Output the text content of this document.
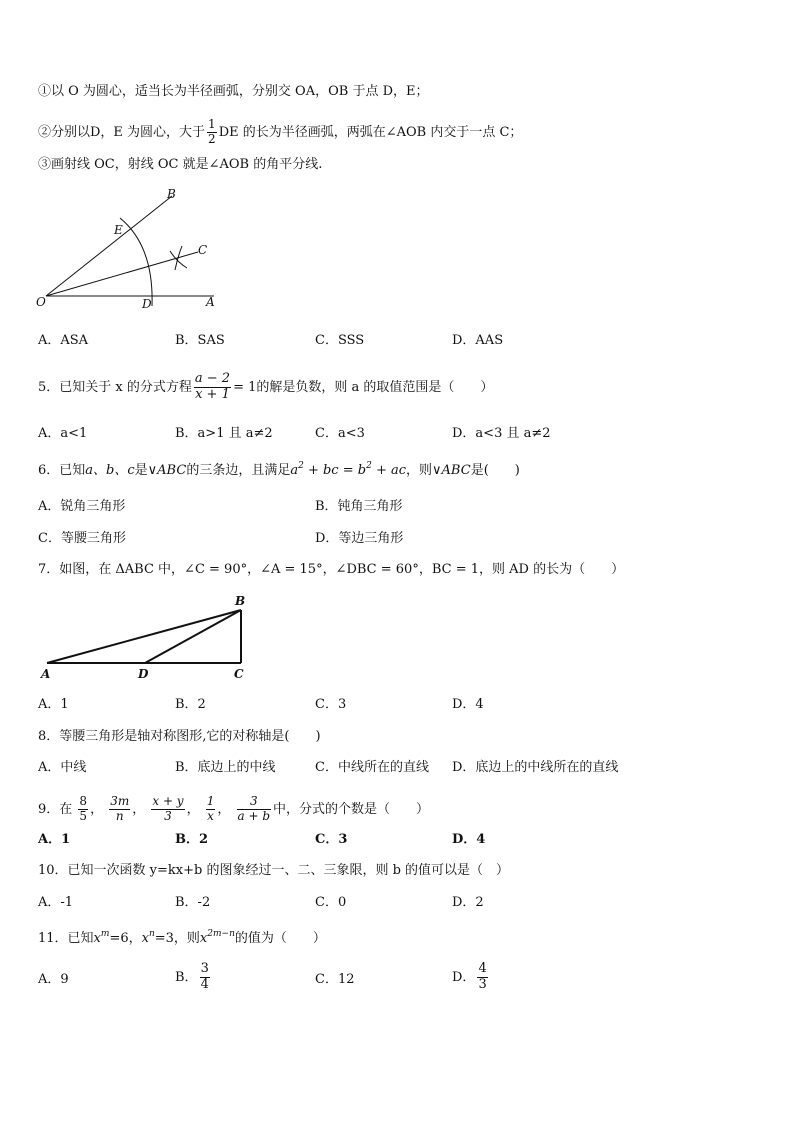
①以 O 为圆心，适当长为半径画弧，分别交 OA，OB 于点 D，E；
②分别以D，E 为圆心，大于 $\frac{1}{2}$ DE 的长为半径画弧，两弧在∠AOB 内交于一点 C；
③画射线 OC，射线 OC 就是∠AOB 的角平分线.
B
E
C
O	D	A
A．ASA	B．SAS	C．SSS	D．AAS
5．已知关于 x 的分式方程 $\frac{a - 2}{x + 1} = 1$的解是负数，则 a 的取值范围是（　　）
A．a<1	B．a>1 且 a≠2	C．a<3	D．a<3 且 a≠2
6．已知a、b、c是∨ABC的三条边，且满足$a^2$ + bc = $b^2$ + ac，则∨ABC是(　　)
A．锐角三角形	B．钝角三角形
C．等腰三角形	D．等边三角形
7．如图，在 ΔABC 中，∠C = 90°，∠A = 15°，∠DBC = 60°，BC = 1，则 AD 的长为（　　）
B
A	D	C
A．1	B．2	C．3	D．4
8．等腰三角形是轴对称图形,它的对称轴是(　　)
A．中线	B．底边上的中线	C．中线所在的直线 D．底边上的中线所在的直线
9．在 $\frac{8}{5}$ ， $\frac{3m}{n}$ ， $\frac{x + y}{3}$ ， $\frac{1}{x}$ ， $\frac{3}{a + b}$ 中，分式的个数是（　　）
A．1	B．2	C．3	D．4
10．已知一次函数 y=kx+b 的图象经过一、二、三象限，则 b 的值可以是（　）
A．-1	B．-2	C．0	D．2
11．已知$x^m=6$，$x^n=3$，则$x^{2m-n}$的值为（　　）
A．9	B． $\frac{3}{4}$	C．12	D． $\frac{4}{3}$
